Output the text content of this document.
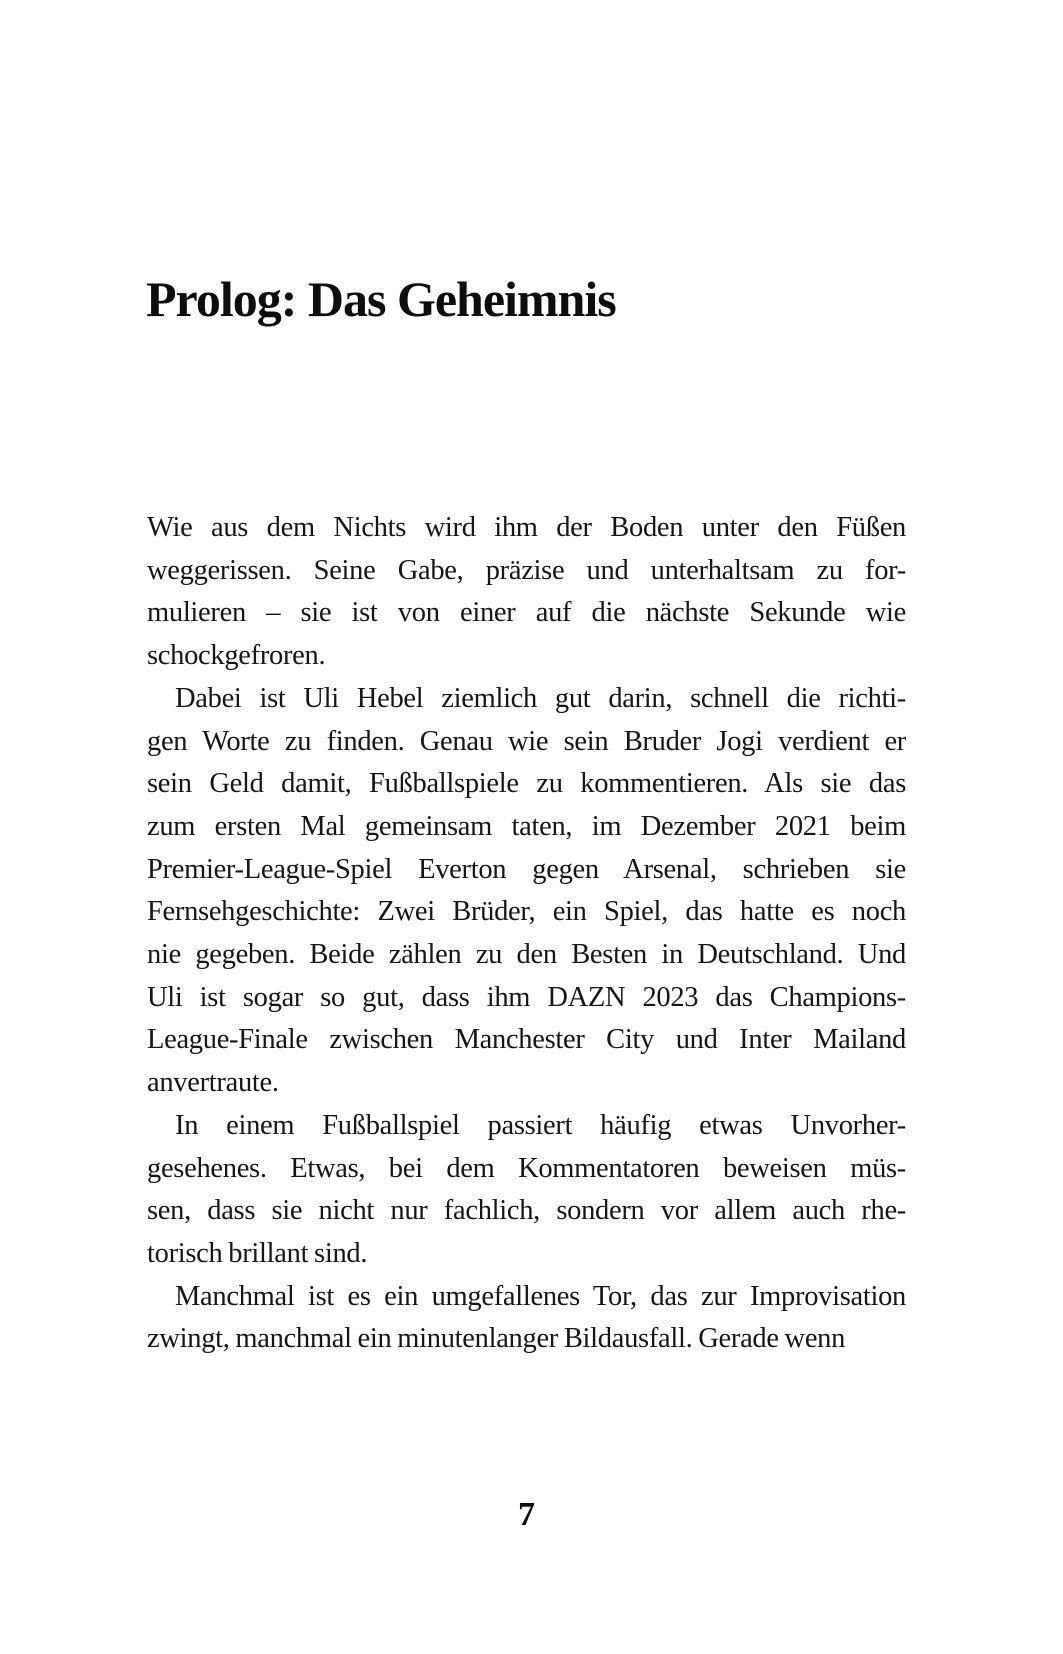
Prolog: Das Geheimnis
Wie aus dem Nichts wird ihm der Boden unter den Füßen
weggerissen. Seine Gabe, präzise und unterhaltsam zu for-
mulieren – sie ist von einer auf die nächste Sekunde wie
schockgefroren.
Dabei ist Uli Hebel ziemlich gut darin, schnell die richti-
gen Worte zu finden. Genau wie sein Bruder Jogi verdient er
sein Geld damit, Fußballspiele zu kommentieren. Als sie das
zum ersten Mal gemeinsam taten, im Dezember 2021 beim
Premier-League-Spiel Everton gegen Arsenal, schrieben sie
Fernsehgeschichte: Zwei Brüder, ein Spiel, das hatte es noch
nie gegeben. Beide zählen zu den Besten in Deutschland. Und
Uli ist sogar so gut, dass ihm DAZN 2023 das Champions-
League-Finale zwischen Manchester City und Inter Mailand
anvertraute.
In einem Fußballspiel passiert häufig etwas Unvorher-
gesehenes. Etwas, bei dem Kommentatoren beweisen müs-
sen, dass sie nicht nur fachlich, sondern vor allem auch rhe-
torisch brillant sind.
Manchmal ist es ein umgefallenes Tor, das zur Improvisation
zwingt, manchmal ein minutenlanger Bildausfall. Gerade wenn
7
